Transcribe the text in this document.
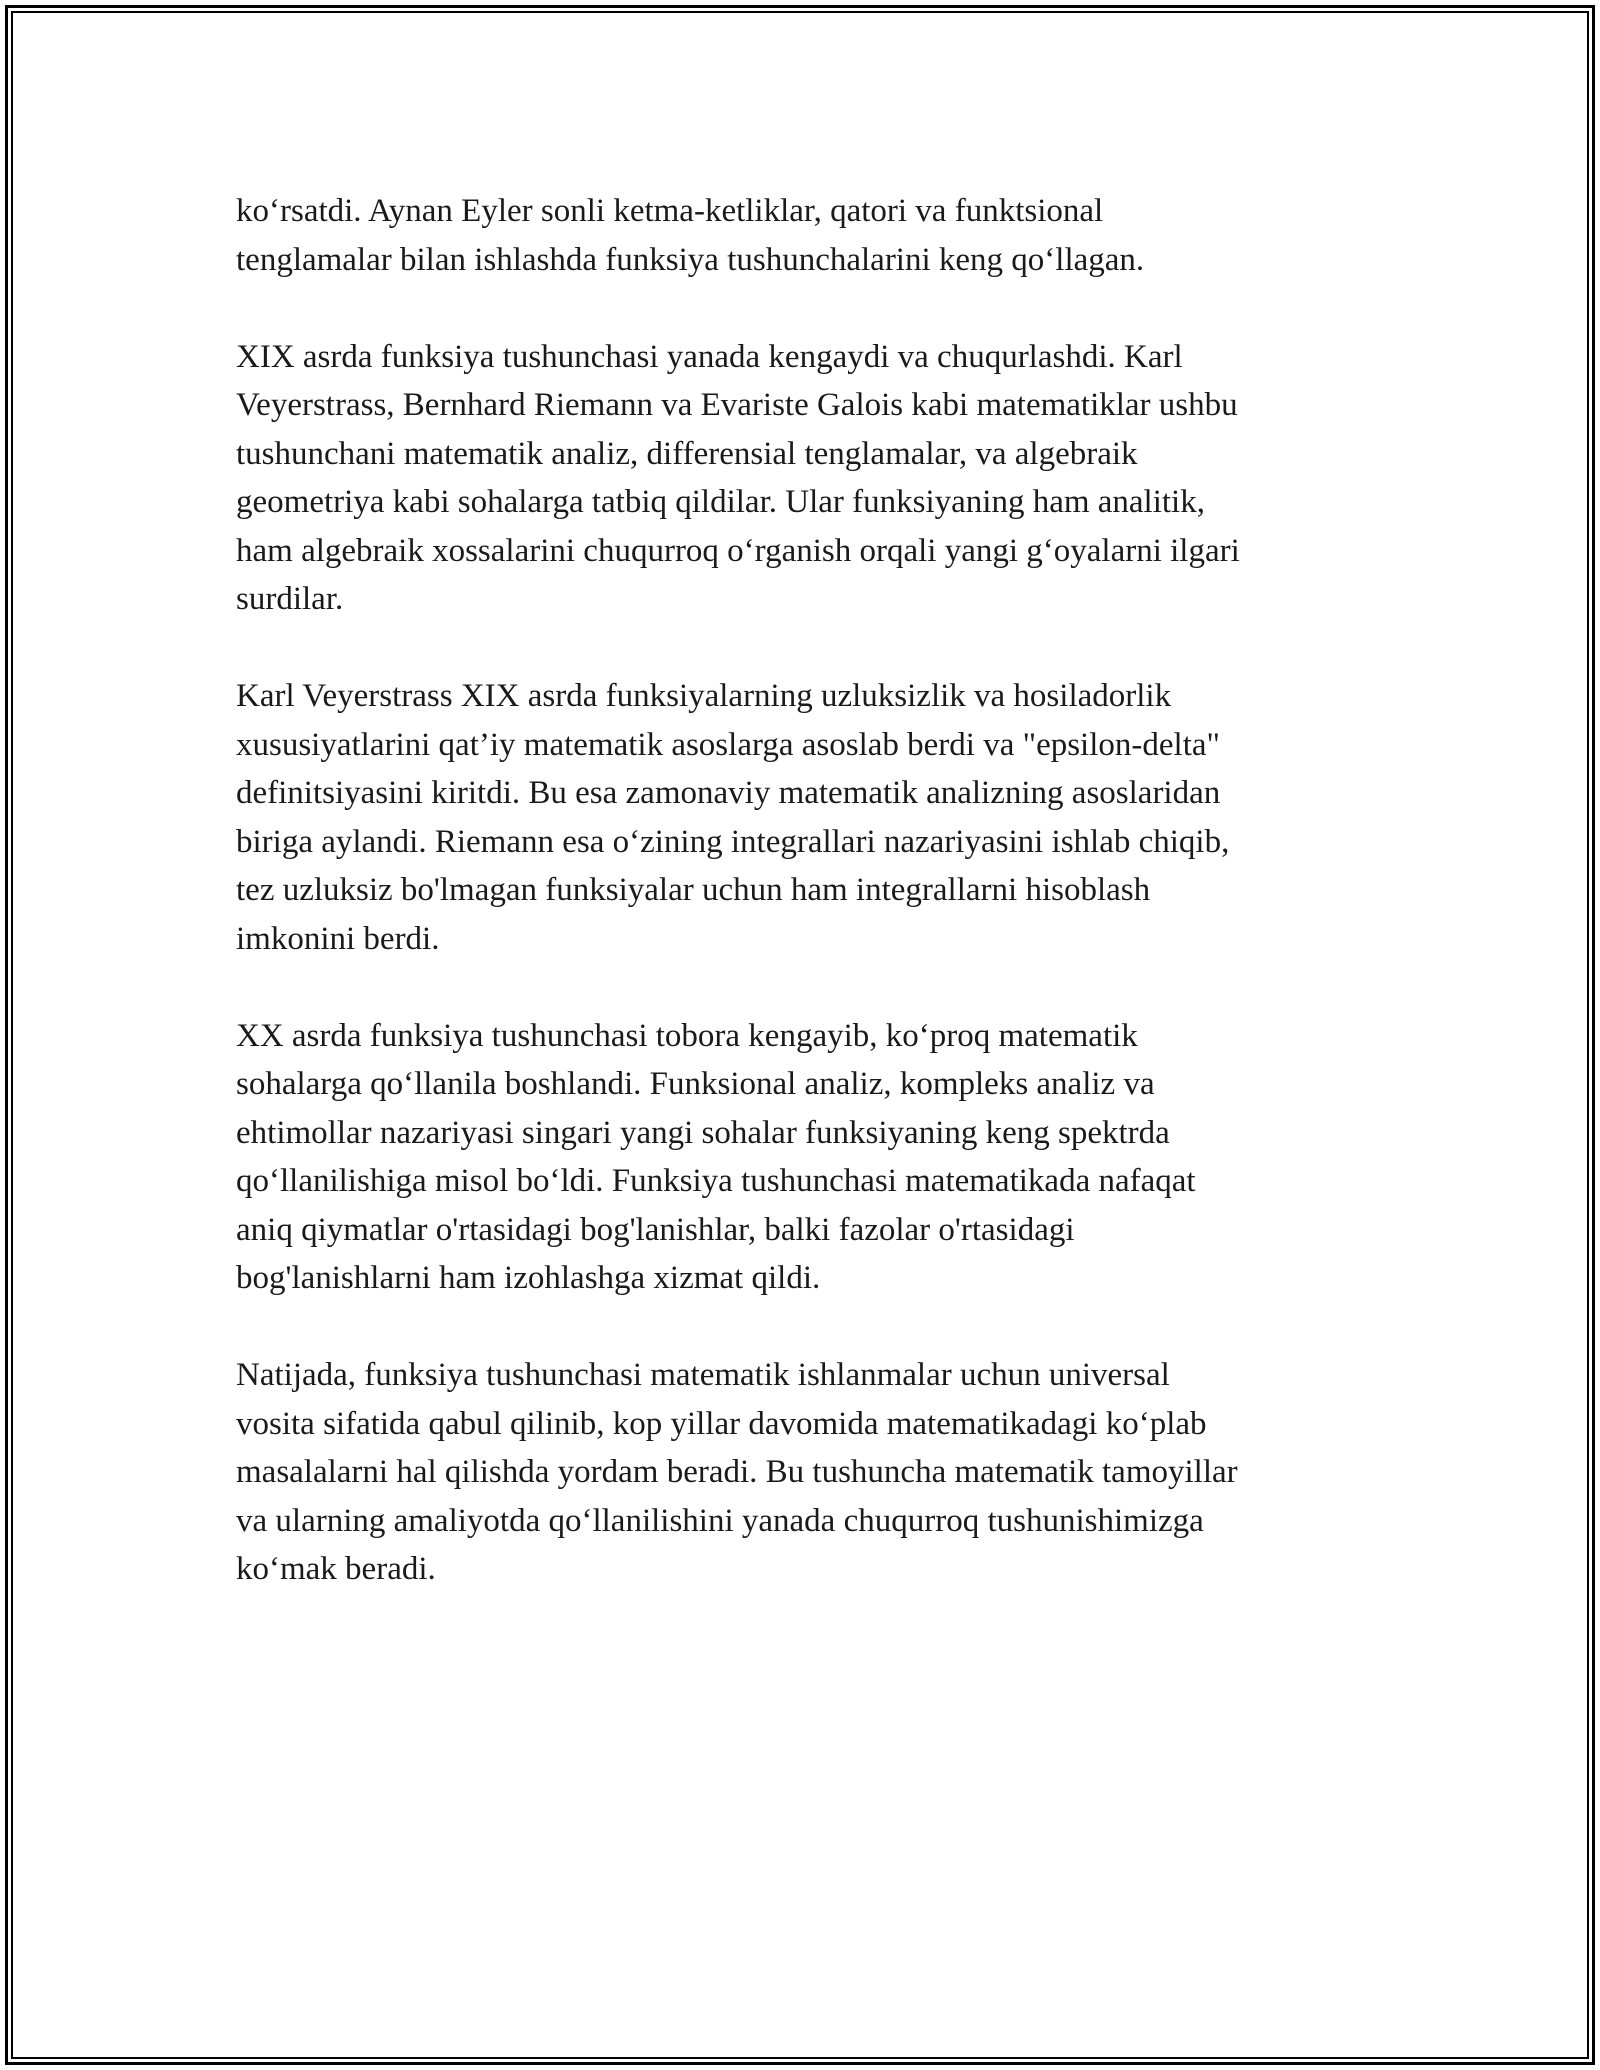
ko‘rsatdi. Aynan Eyler sonli ketma-ketliklar, qatori va funktsional
tenglamalar bilan ishlashda funksiya tushunchalarini keng qo‘llagan.

XIX asrda funksiya tushunchasi yanada kengaydi va chuqurlashdi. Karl
Veyerstrass, Bernhard Riemann va Evariste Galois kabi matematiklar ushbu
tushunchani matematik analiz, differensial tenglamalar, va algebraik
geometriya kabi sohalarga tatbiq qildilar. Ular funksiyaning ham analitik,
ham algebraik xossalarini chuqurroq o‘rganish orqali yangi g‘oyalarni ilgari
surdilar.

Karl Veyerstrass XIX asrda funksiyalarning uzluksizlik va hosiladorlik
xususiyatlarini qat’iy matematik asoslarga asoslab berdi va "epsilon-delta"
definitsiyasini kiritdi. Bu esa zamonaviy matematik analizning asoslaridan
biriga aylandi. Riemann esa o‘zining integrallari nazariyasini ishlab chiqib,
tez uzluksiz bo'lmagan funksiyalar uchun ham integrallarni hisoblash
imkonini berdi.

XX asrda funksiya tushunchasi tobora kengayib, ko‘proq matematik
sohalarga qo‘llanila boshlandi. Funksional analiz, kompleks analiz va
ehtimollar nazariyasi singari yangi sohalar funksiyaning keng spektrda
qo‘llanilishiga misol bo‘ldi. Funksiya tushunchasi matematikada nafaqat
aniq qiymatlar o'rtasidagi bog'lanishlar, balki fazolar o'rtasidagi
bog'lanishlarni ham izohlashga xizmat qildi.

Natijada, funksiya tushunchasi matematik ishlanmalar uchun universal
vosita sifatida qabul qilinib, kop yillar davomida matematikadagi ko‘plab
masalalarni hal qilishda yordam beradi. Bu tushuncha matematik tamoyillar
va ularning amaliyotda qo‘llanilishini yanada chuqurroq tushunishimizga
ko‘mak beradi.
